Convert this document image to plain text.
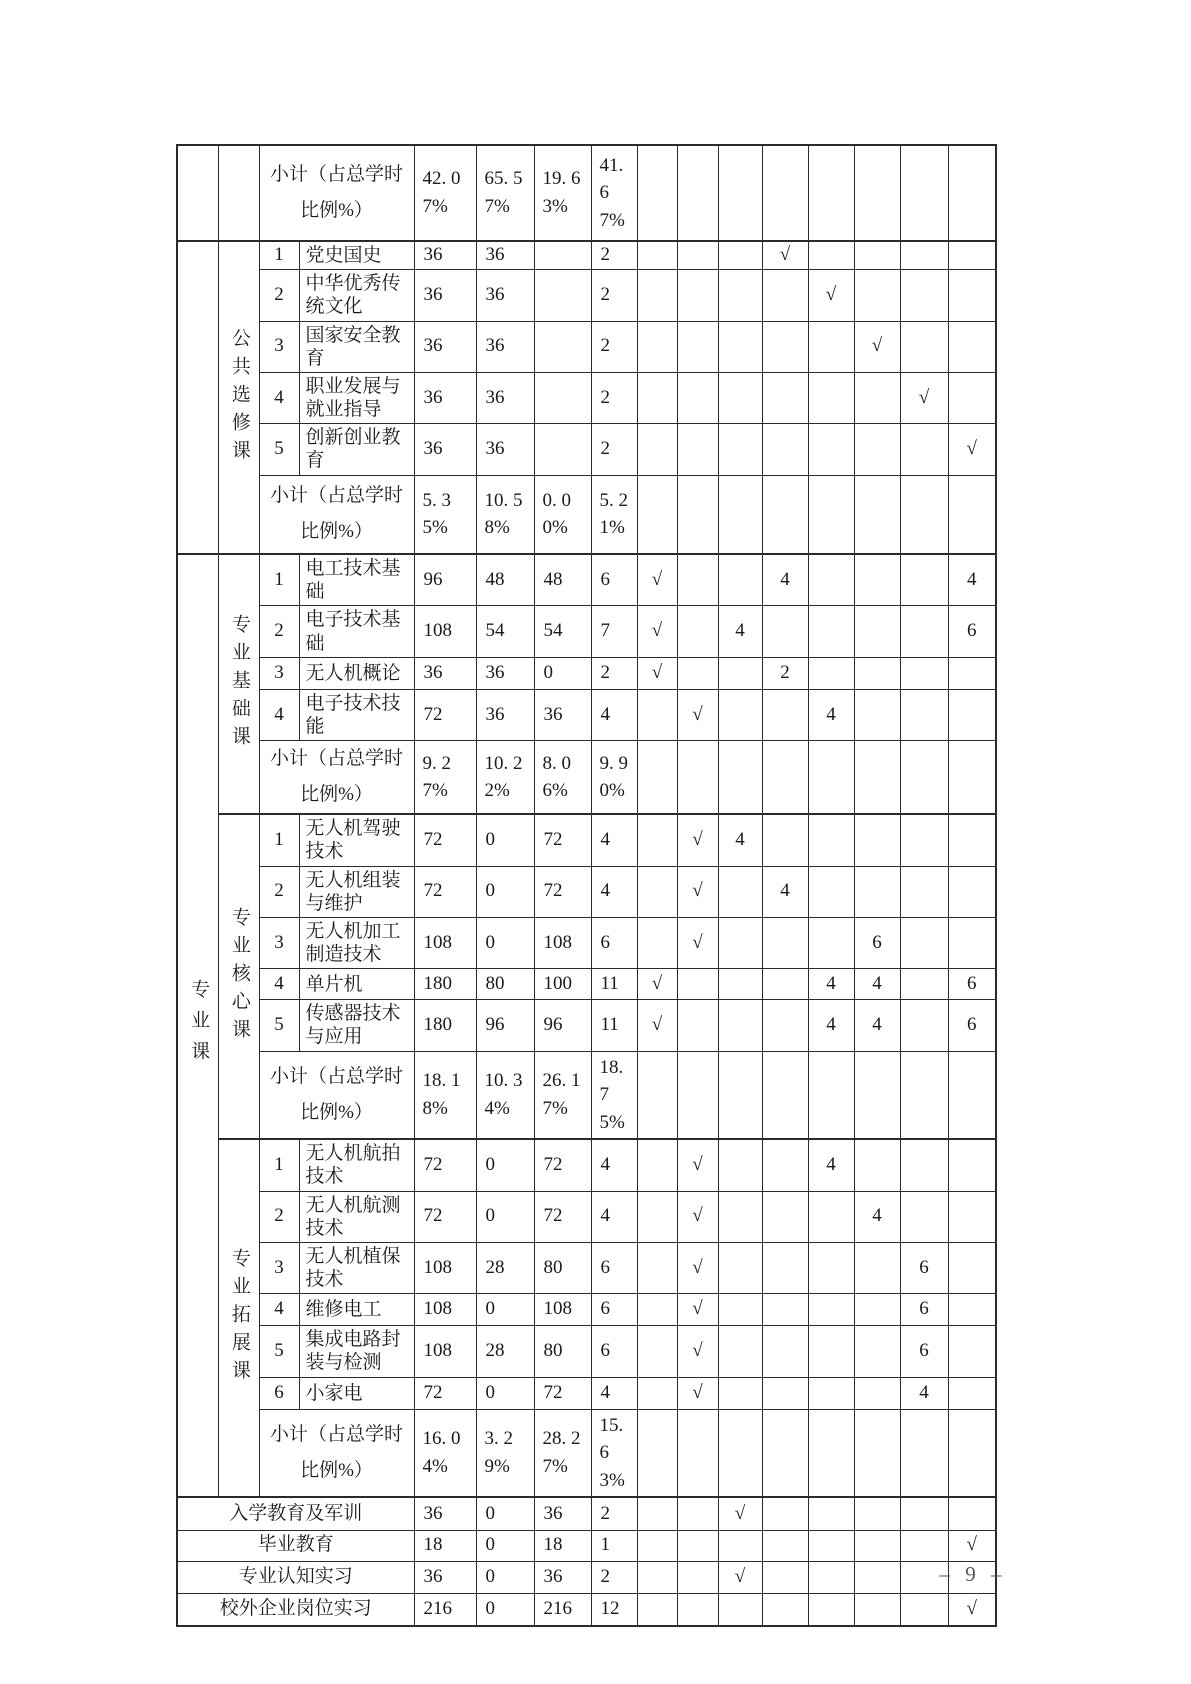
		小计（占总学时比例%）		42. 07%	65. 57%	19. 63%	41. 67%								
	公共选修课	1	党史国史	36	36		2				√				
		2	中华优秀传统文化	36	36		2					√			
		3	国家安全教育	36	36		2						√		
		4	职业发展与就业指导	36	36		2							√	
		5	创新创业教育	36	36		2								√
		小计（占总学时比例%）		5. 35%	10. 58%	0. 00%	5. 21%								
专业课	专业基础课	1	电工技术基础	96	48	48	6	√			4				4
		2	电子技术基础	108	54	54	7	√		4					6
		3	无人机概论	36	36	0	2	√			2				
		4	电子技术技能	72	36	36	4		√			4			
		小计（占总学时比例%）		9. 27%	10. 22%	8. 06%	9. 90%								
	专业核心课	1	无人机驾驶技术	72	0	72	4		√	4					
		2	无人机组装与维护	72	0	72	4		√		4				
		3	无人机加工制造技术	108	0	108	6		√				6		
		4	单片机	180	80	100	11	√				4	4		6
		5	传感器技术与应用	180	96	96	11	√				4	4		6
		小计（占总学时比例%）		18. 18%	10. 34%	26. 17%	18. 75%								
	专业拓展课	1	无人机航拍技术	72	0	72	4		√			4			
		2	无人机航测技术	72	0	72	4		√				4		
		3	无人机植保技术	108	28	80	6		√					6	
		4	维修电工	108	0	108	6		√					6	
		5	集成电路封装与检测	108	28	80	6		√					6	
		6	小家电	72	0	72	4		√					4	
		小计（占总学时比例%）		16. 04%	3. 29%	28. 27%	15. 63%								
入学教育及军训				36	0	36	2			√					
毕业教育				18	0	18	1								√
专业认知实习				36	0	36	2			√					
校外企业岗位实习				216	0	216	12								√
– 9 –
